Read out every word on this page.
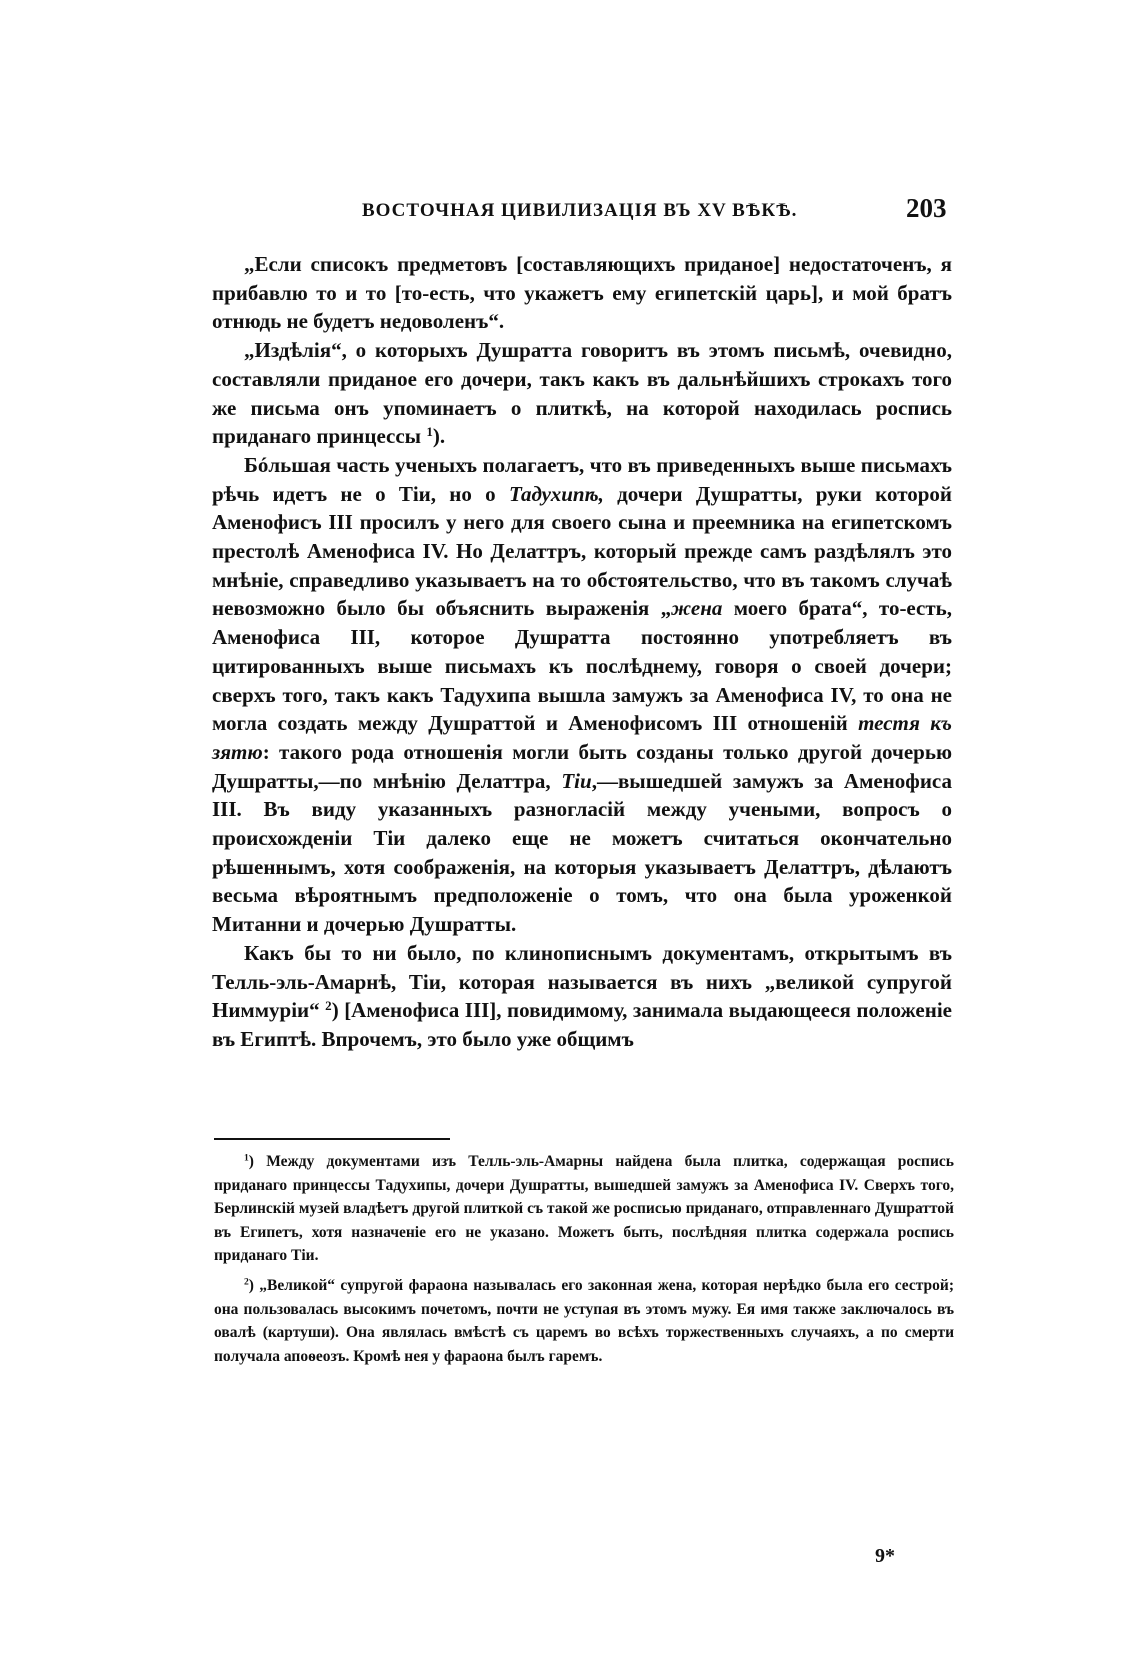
ВОСТОЧНАЯ ЦИВИЛИЗАЦІЯ ВЪ XV ВѢКѢ.	203

„Если списокъ предметовъ [составляющихъ приданое] недостаточенъ, я прибавлю то и то [то-есть, что укажетъ ему египетскій царь], и мой братъ отнюдь не будетъ недоволенъ“.

„Издѣлія“, о которыхъ Душратта говоритъ въ этомъ письмѣ, очевидно, составляли приданое его дочери, такъ какъ въ дальнѣйшихъ строкахъ того же письма онъ упоминаетъ о плиткѣ, на которой находилась роспись приданаго принцессы $^1$).

Бóльшая часть ученыхъ полагаетъ, что въ приведенныхъ выше письмахъ рѣчь идетъ не о Тіи, но о Тадухипѣ, дочери Душратты, руки которой Аменофисъ III просилъ у него для своего сына и преемника на египетскомъ престолѣ Аменофиса IV. Но Делаттръ, который прежде самъ раздѣлялъ это мнѣніе, справедливо указываетъ на то обстоятельство, что въ такомъ случаѣ невозможно было бы объяснить выраженія „жена моего брата“, то-есть, Аменофиса III, которое Душратта постоянно употребляетъ въ цитированныхъ выше письмахъ къ послѣднему, говоря о своей дочери; сверхъ того, такъ какъ Тадухипа вышла замужъ за Аменофиса IV, то она не могла создать между Душраттой и Аменофисомъ III отношеній тестя къ зятю: такого рода отношенія могли быть созданы только другой дочерью Душратты,—по мнѣнію Делаттра, Тіи,—вышедшей замужъ за Аменофиса III. Въ виду указанныхъ разногласій между учеными, вопросъ о происхожденіи Тіи далеко еще не можетъ считаться окончательно рѣшеннымъ, хотя соображенія, на которыя указываетъ Делаттръ, дѣлаютъ весьма вѣроятнымъ предположеніе о томъ, что она была уроженкой Митанни и дочерью Душратты.

Какъ бы то ни было, по клинописнымъ документамъ, открытымъ въ Телль-эль-Амарнѣ, Тіи, которая называется въ нихъ „великой супругой Ниммуріи“ $^2$) [Аменофиса III], повидимому, занимала выдающееся положеніе въ Египтѣ. Впрочемъ, это было уже общимъ

$^1$) Между документами изъ Телль-эль-Амарны найдена была плитка, содержащая роспись приданаго принцессы Тадухипы, дочери Душратты, вышедшей замужъ за Аменофиса IV. Сверхъ того, Берлинскій музей владѣетъ другой плиткой съ такой же росписью приданаго, отправленнаго Душраттой въ Египетъ, хотя назначеніе его не указано. Можетъ быть, послѣдняя плитка содержала роспись приданаго Тіи.

$^2$) „Великой“ супругой фараона называлась его законная жена, которая нерѣдко была его сестрой; она пользовалась высокимъ почетомъ, почти не уступая въ этомъ мужу. Ея имя также заключалось въ овалѣ (картуши). Она являлась вмѣстѣ съ царемъ во всѣхъ торжественныхъ случаяхъ, а по смерти получала апоѳеозъ. Кромѣ нея у фараона былъ гаремъ.

9*
